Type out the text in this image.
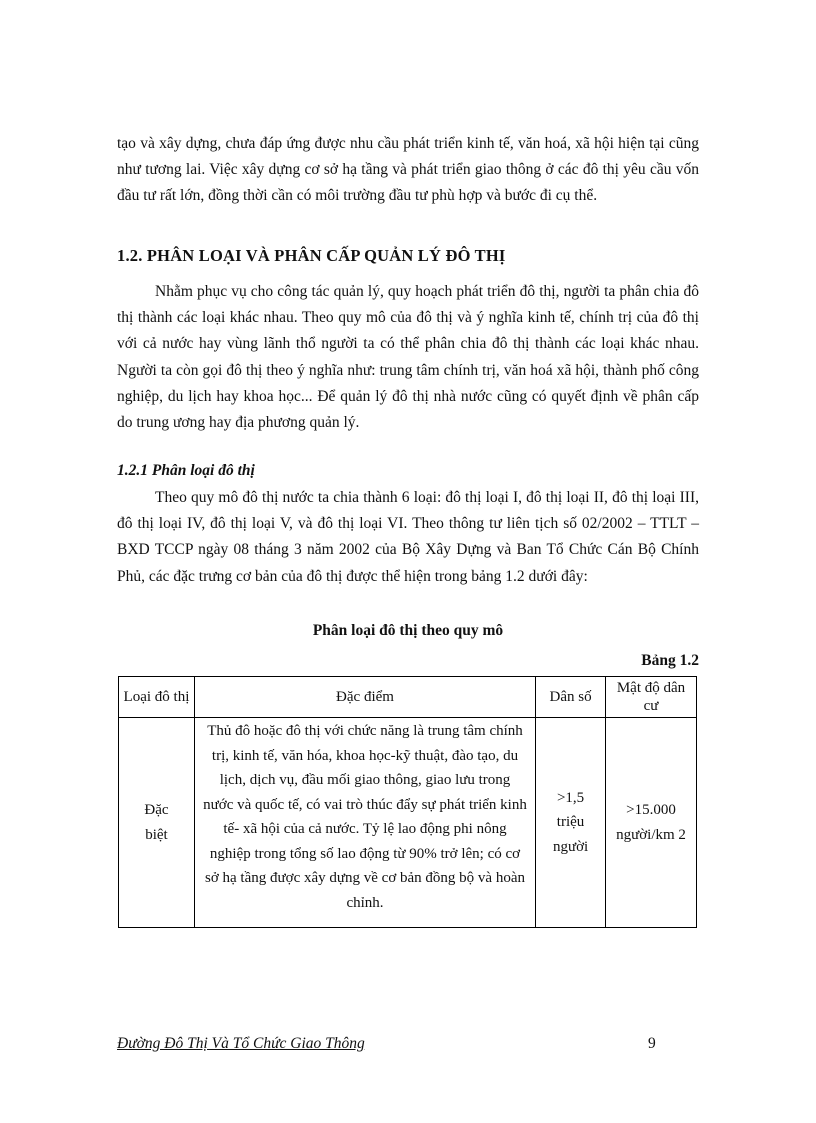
tạo và xây dựng, chưa đáp ứng được nhu cầu phát triển kinh tế, văn hoá, xã hội hiện tại cũng như tương lai. Việc xây dựng cơ sở hạ tầng và phát triển giao thông ở các đô thị yêu cầu vốn đầu tư rất lớn, đồng thời cần có môi trường đầu tư phù hợp và bước đi cụ thể.

1.2. PHÂN LOẠI VÀ PHÂN CẤP QUẢN LÝ ĐÔ THỊ

Nhằm phục vụ cho công tác quản lý, quy hoạch phát triển đô thị, người ta phân chia đô thị thành các loại khác nhau. Theo quy mô của đô thị và ý nghĩa kinh tế, chính trị của đô thị với cả nước hay vùng lãnh thổ người ta có thể phân chia đô thị thành các loại khác nhau. Người ta còn gọi đô thị theo ý nghĩa như: trung tâm chính trị, văn hoá xã hội, thành phố công nghiệp, du lịch hay khoa học... Để quản lý đô thị nhà nước cũng có quyết định về phân cấp do trung ương hay địa phương quản lý.

1.2.1 Phân loại đô thị

Theo quy mô đô thị nước ta chia thành 6 loại: đô thị loại I, đô thị loại II, đô thị loại III, đô thị loại IV, đô thị loại V, và đô thị loại VI. Theo thông tư liên tịch số 02/2002 – TTLT – BXD TCCP ngày 08 tháng 3 năm 2002 của Bộ Xây Dựng và Ban Tổ Chức Cán Bộ Chính Phủ, các đặc trưng cơ bản của đô thị được thể hiện trong bảng 1.2 dưới đây:

Phân loại đô thị theo quy mô

Bảng 1.2

Loại đô thị	Đặc điểm	Dân số	Mật độ dân cư
Đặc biệt	Thủ đô hoặc đô thị với chức năng là trung tâm chính trị, kinh tế, văn hóa, khoa học-kỹ thuật, đào tạo, du lịch, dịch vụ, đầu mối giao thông, giao lưu trong nước và quốc tế, có vai trò thúc đẩy sự phát triển kinh tế- xã hội của cả nước. Tỷ lệ lao động phi nông nghiệp trong tổng số lao động từ 90% trở lên; có cơ sở hạ tầng được xây dựng về cơ bản đồng bộ và hoàn chỉnh.	>1,5 triệu người	>15.000 người/km 2

Đường Đô Thị Và Tổ Chức Giao Thông	9
